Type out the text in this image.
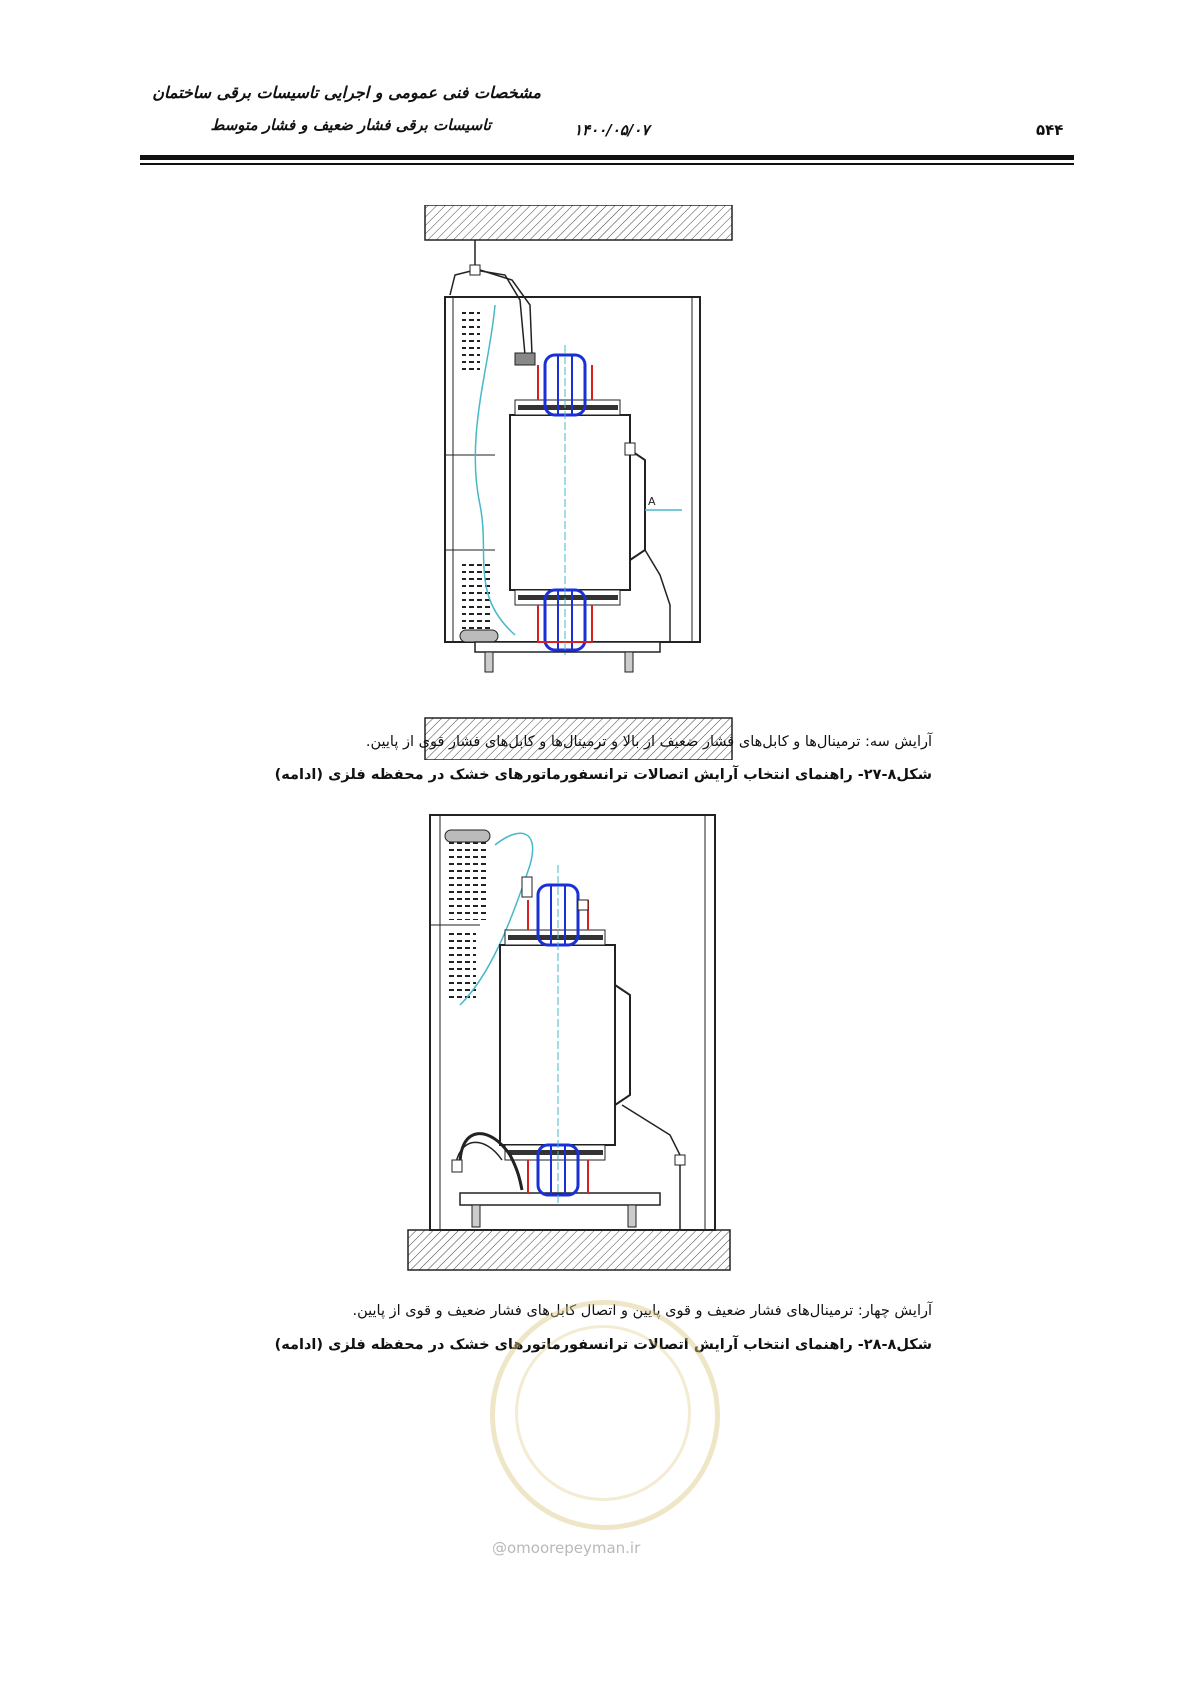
مشخصات فنی عمومی و اجرایی تاسیسات برقی ساختمان
تاسیسات برقی فشار ضعیف و فشار متوسط	۱۴۰۰/۰۵/۰۷	۵۴۴
A
آرایش سه: ترمینال‌ها و کابل‌های فشار ضعیف از بالا و ترمینال‌ها و کابل‌های فشار قوی از پایین.
شکل۸-۲۷- راهنمای انتخاب آرایش اتصالات ترانسفورماتورهای خشک در محفظه فلزی (ادامه)
آرایش چهار: ترمینال‌های فشار ضعیف و قوی پایین و اتصال کابل‌های فشار ضعیف و قوی از پایین.
شکل۸-۲۸- راهنمای انتخاب آرایش اتصالات ترانسفورماتورهای خشک در محفظه فلزی (ادامه)
@omoorepeyman.ir
